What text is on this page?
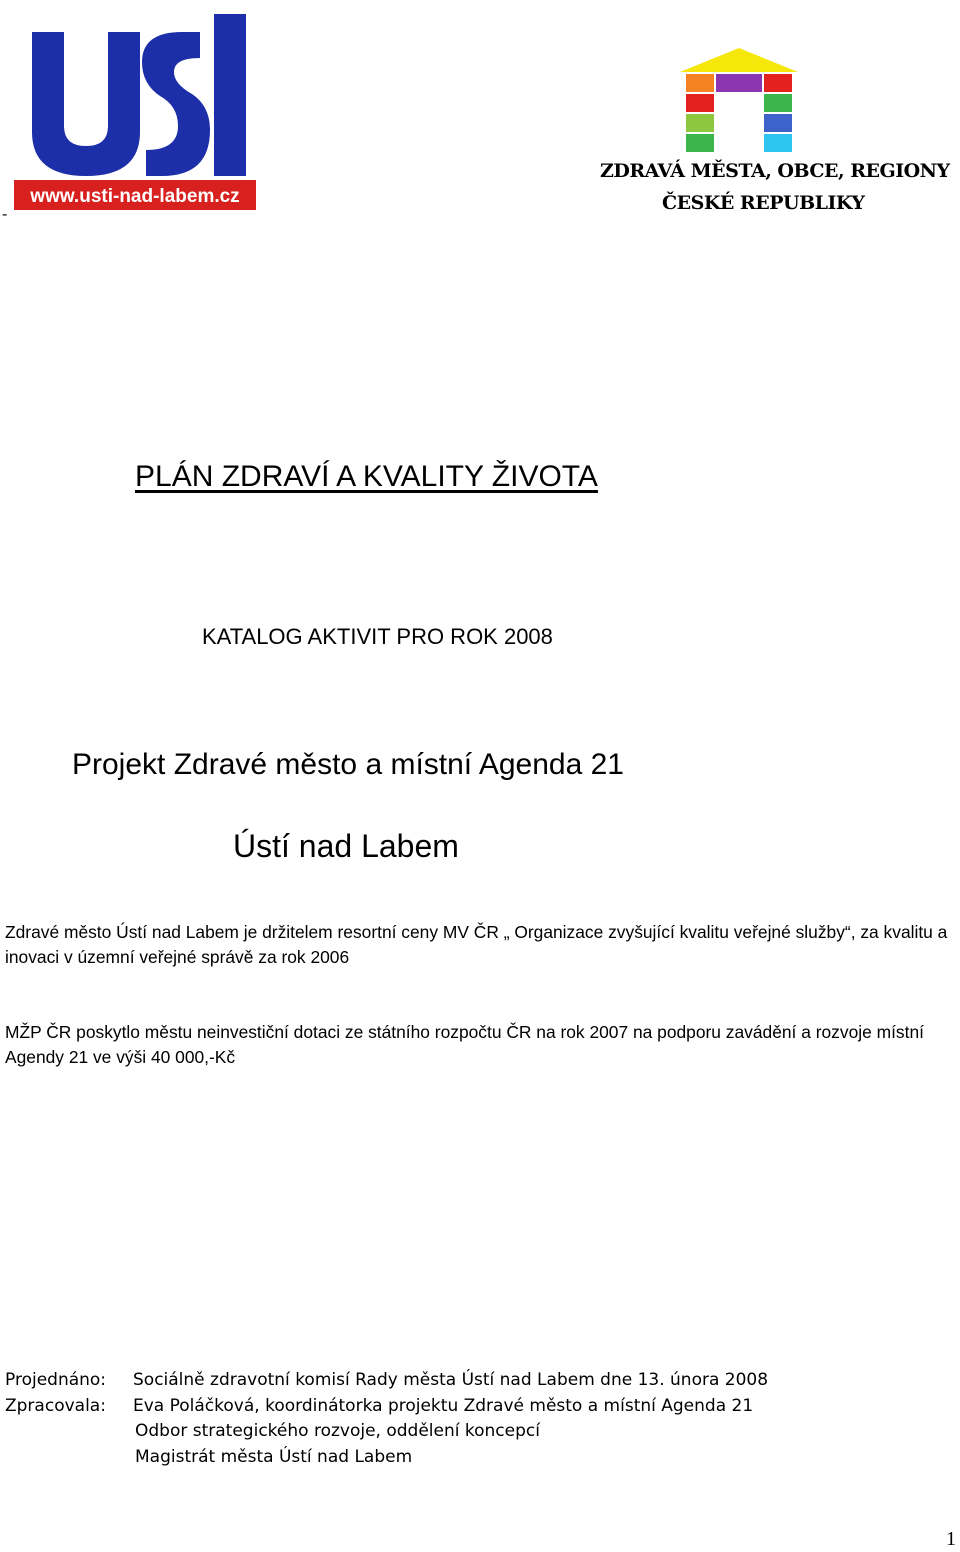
www.usti-nad-labem.cz
ZDRAVÁ MĚSTA, OBCE, REGIONY
ČESKÉ REPUBLIKY
-
PLÁN ZDRAVÍ A KVALITY ŽIVOTA
KATALOG AKTIVIT PRO ROK 2008
Projekt Zdravé město a místní Agenda 21
Ústí nad Labem
Zdravé město Ústí nad Labem je držitelem resortní ceny MV ČR „ Organizace zvyšující kvalitu veřejné služby“, za kvalitu a inovaci v územní veřejné správě za rok 2006
MŽP ČR poskytlo městu neinvestiční dotaci ze státního rozpočtu ČR na rok 2007 na podporu zavádění a rozvoje místní Agendy 21 ve výši 40 000,-Kč
Projednáno:	Sociálně zdravotní komisí Rady města Ústí nad Labem dne 13. února 2008
Zpracovala:	Eva Poláčková, koordinátorka projektu Zdravé město a místní Agenda 21
Odbor strategického rozvoje, oddělení koncepcí
Magistrát města Ústí nad Labem
1
